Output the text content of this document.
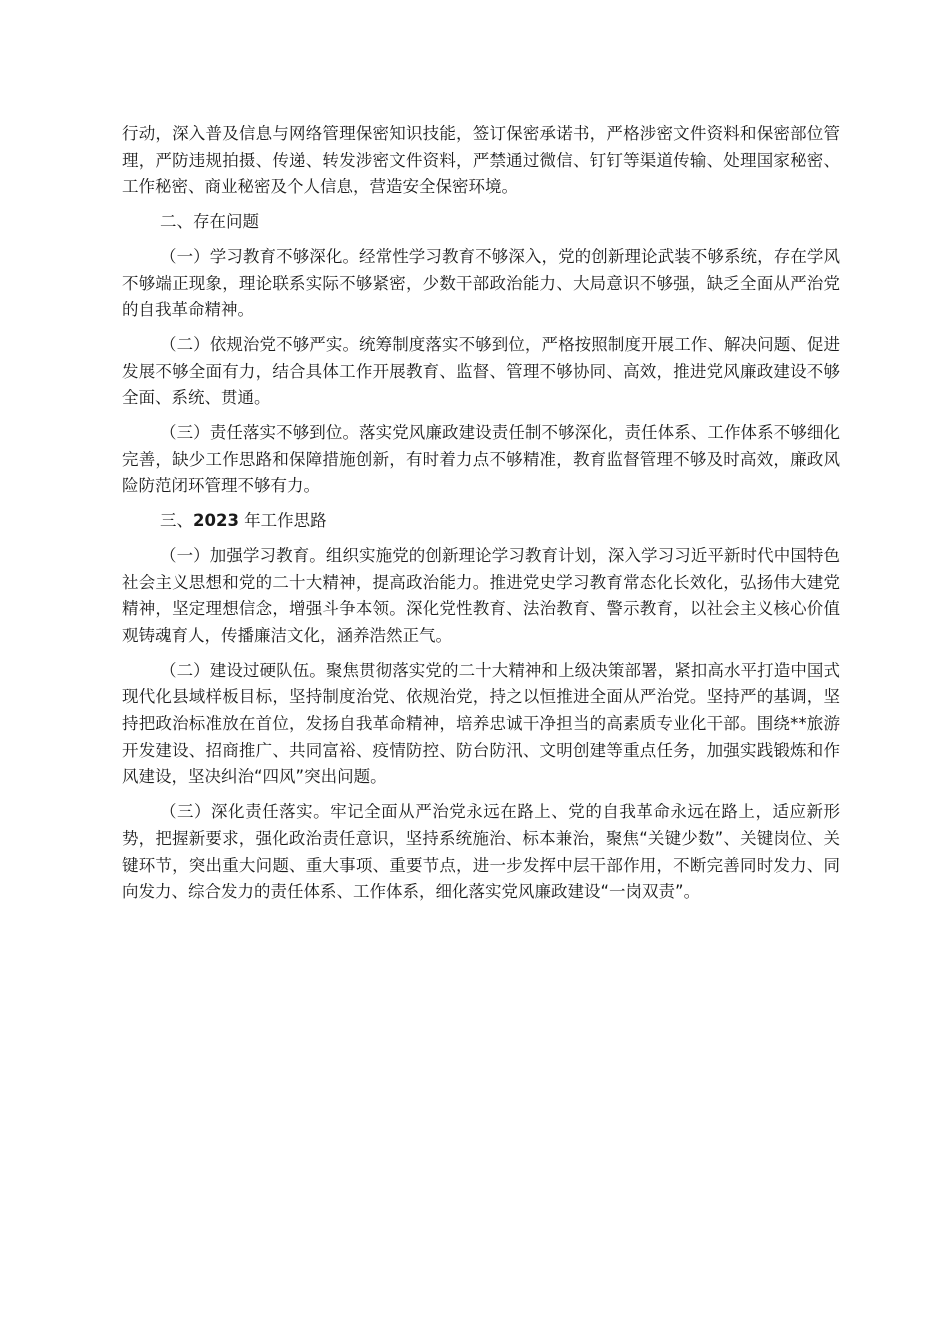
行动，深入普及信息与网络管理保密知识技能，签订保密承诺书，严格涉密文件资料和保密部位管理，严防违规拍摄、传递、转发涉密文件资料，严禁通过微信、钉钉等渠道传输、处理国家秘密、工作秘密、商业秘密及个人信息，营造安全保密环境。

二、存在问题

（一）学习教育不够深化。经常性学习教育不够深入，党的创新理论武装不够系统，存在学风不够端正现象，理论联系实际不够紧密，少数干部政治能力、大局意识不够强，缺乏全面从严治党的自我革命精神。

（二）依规治党不够严实。统筹制度落实不够到位，严格按照制度开展工作、解决问题、促进发展不够全面有力，结合具体工作开展教育、监督、管理不够协同、高效，推进党风廉政建设不够全面、系统、贯通。

（三）责任落实不够到位。落实党风廉政建设责任制不够深化，责任体系、工作体系不够细化完善，缺少工作思路和保障措施创新，有时着力点不够精准，教育监督管理不够及时高效，廉政风险防范闭环管理不够有力。

三、2023 年工作思路

（一）加强学习教育。组织实施党的创新理论学习教育计划，深入学习习近平新时代中国特色社会主义思想和党的二十大精神，提高政治能力。推进党史学习教育常态化长效化，弘扬伟大建党精神，坚定理想信念，增强斗争本领。深化党性教育、法治教育、警示教育，以社会主义核心价值观铸魂育人，传播廉洁文化，涵养浩然正气。

（二）建设过硬队伍。聚焦贯彻落实党的二十大精神和上级决策部署，紧扣高水平打造中国式现代化县域样板目标，坚持制度治党、依规治党，持之以恒推进全面从严治党。坚持严的基调，坚持把政治标准放在首位，发扬自我革命精神，培养忠诚干净担当的高素质专业化干部。围绕**旅游开发建设、招商推广、共同富裕、疫情防控、防台防汛、文明创建等重点任务，加强实践锻炼和作风建设，坚决纠治“四风”突出问题。

（三）深化责任落实。牢记全面从严治党永远在路上、党的自我革命永远在路上，适应新形势，把握新要求，强化政治责任意识，坚持系统施治、标本兼治，聚焦“关键少数”、关键岗位、关键环节，突出重大问题、重大事项、重要节点，进一步发挥中层干部作用，不断完善同时发力、同向发力、综合发力的责任体系、工作体系，细化落实党风廉政建设“一岗双责”。
